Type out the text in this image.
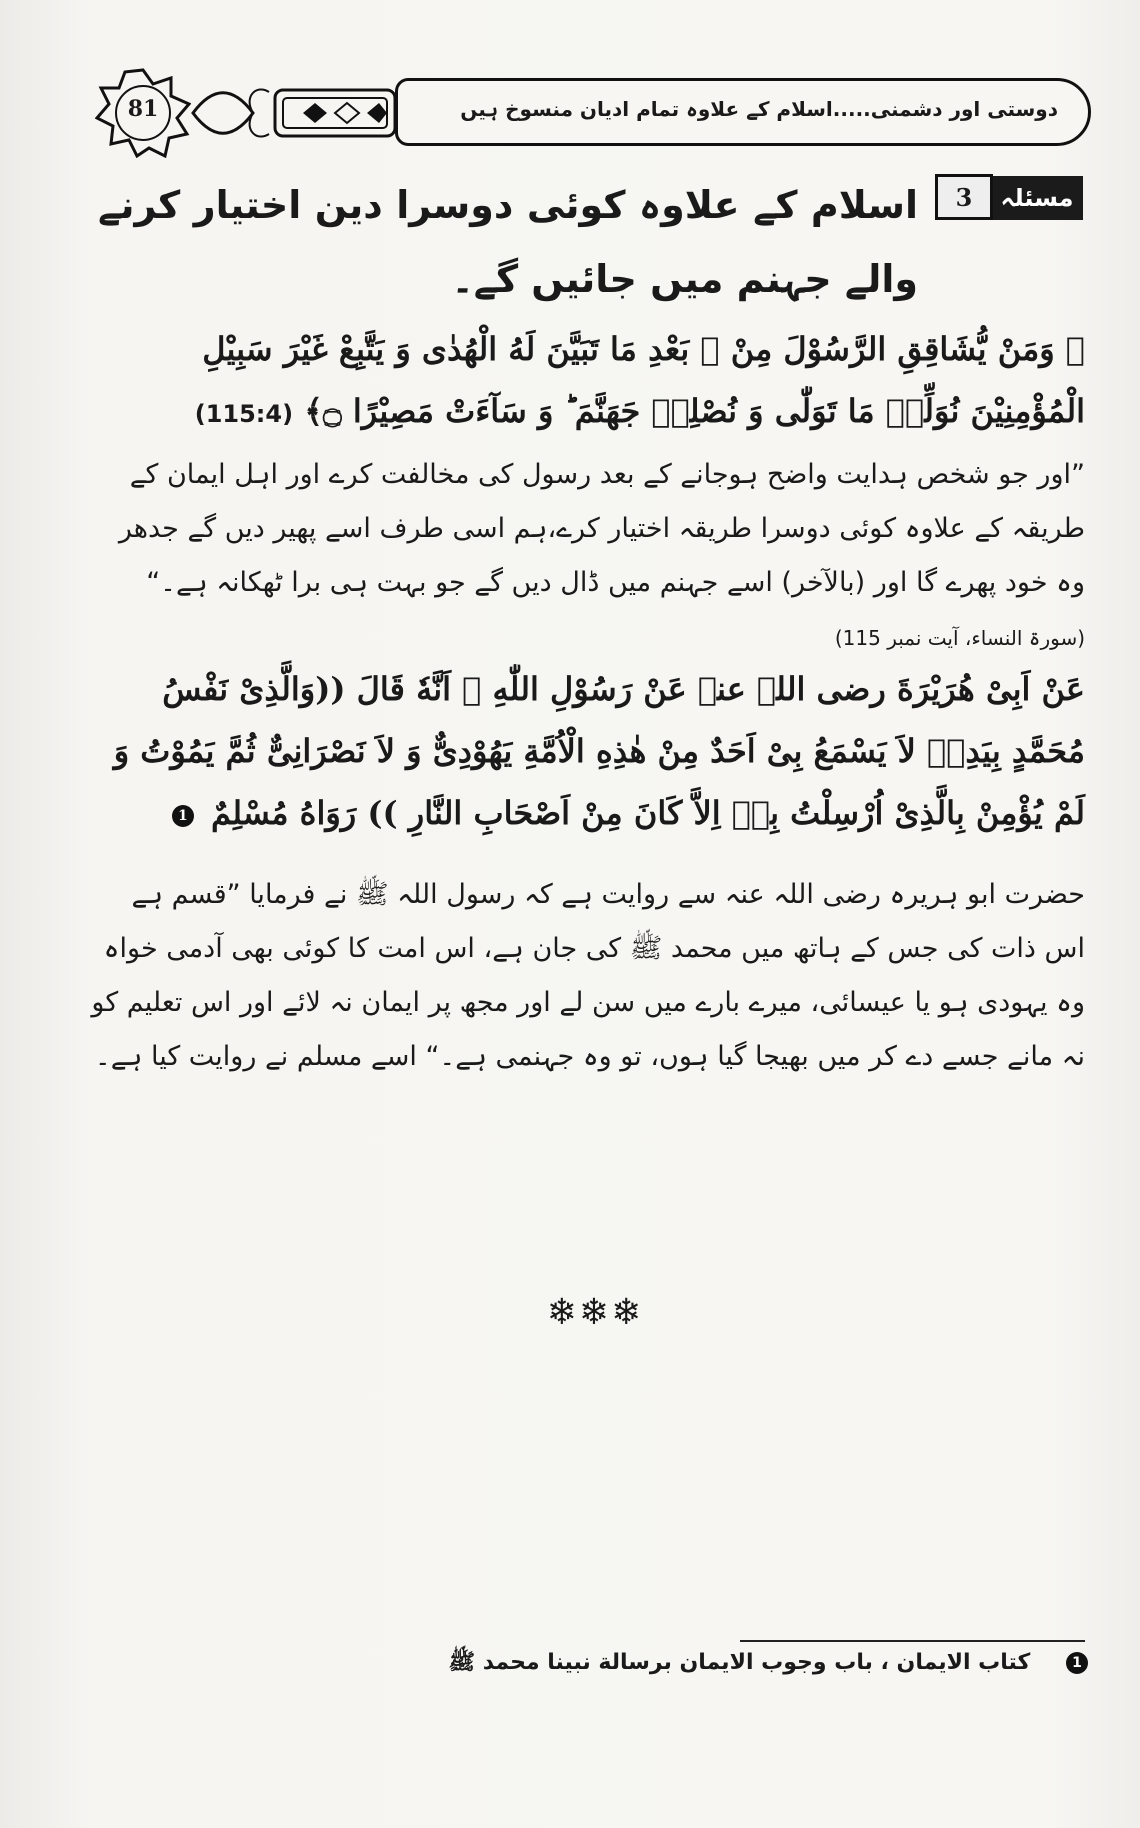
81	دوستی اور دشمنی.....اسلام کے علاوہ تمام ادیان منسوخ ہیں
مسئلہ
3
اسلام کے علاوہ کوئی دوسرا دین اختیار کرنے والے جہنم میں جائیں گے۔
﴿ وَمَنْ يُّشَاقِقِ الرَّسُوْلَ مِنْ ۢ بَعْدِ مَا تَبَيَّنَ لَهُ الْهُدٰى وَ يَتَّبِعْ غَيْرَ سَبِيْلِ الْمُؤْمِنِيْنَ نُوَلِّهٖ مَا تَوَلّٰى وَ نُصْلِهٖ جَهَنَّمَ ؕ وَ سَآءَتْ مَصِيْرًا ۝﴾ (115:4)
”اور جو شخص ہدایت واضح ہوجانے کے بعد رسول کی مخالفت کرے اور اہل ایمان کے طریقہ کے علاوہ کوئی دوسرا طریقہ اختیار کرے،ہم اسی طرف اسے پھیر دیں گے جدھر وہ خود پھرے گا اور (بالآخر) اسے جہنم میں ڈال دیں گے جو بہت ہی برا ٹھکانہ ہے۔“ (سورۃ النساء، آیت نمبر 115)
عَنْ اَبِیْ هُرَيْرَةَ رضی اللہ عنہ عَنْ رَسُوْلِ اللّٰهِ ﷺ اَنَّهٗ قَالَ ((وَالَّذِیْ نَفْسُ مُحَمَّدٍ بِيَدِهٖ لاَ يَسْمَعُ بِیْ اَحَدٌ مِنْ هٰذِهِ الْاُمَّةِ يَهُوْدِیٌّ وَ لاَ نَصْرَانِیٌّ ثُمَّ يَمُوْتُ وَ لَمْ يُؤْمِنْ بِالَّذِیْ اُرْسِلْتُ بِهٖ اِلاَّ كَانَ مِنْ اَصْحَابِ النَّارِ )) رَوَاهُ مُسْلِمٌ 1
حضرت ابو ہریرہ رضی اللہ عنہ سے روایت ہے کہ رسول اللہ ﷺ نے فرمایا ”قسم ہے اس ذات کی جس کے ہاتھ میں محمد ﷺ کی جان ہے، اس امت کا کوئی بھی آدمی خواہ وہ یہودی ہو یا عیسائی، میرے بارے میں سن لے اور مجھ پر ایمان نہ لائے اور اس تعلیم کو نہ مانے جسے دے کر میں بھیجا گیا ہوں، تو وہ جہنمی ہے۔“ اسے مسلم نے روایت کیا ہے۔
❄❄❄
1 كتاب الايمان ، باب وجوب الايمان برسالة نبينا محمد ﷺ
